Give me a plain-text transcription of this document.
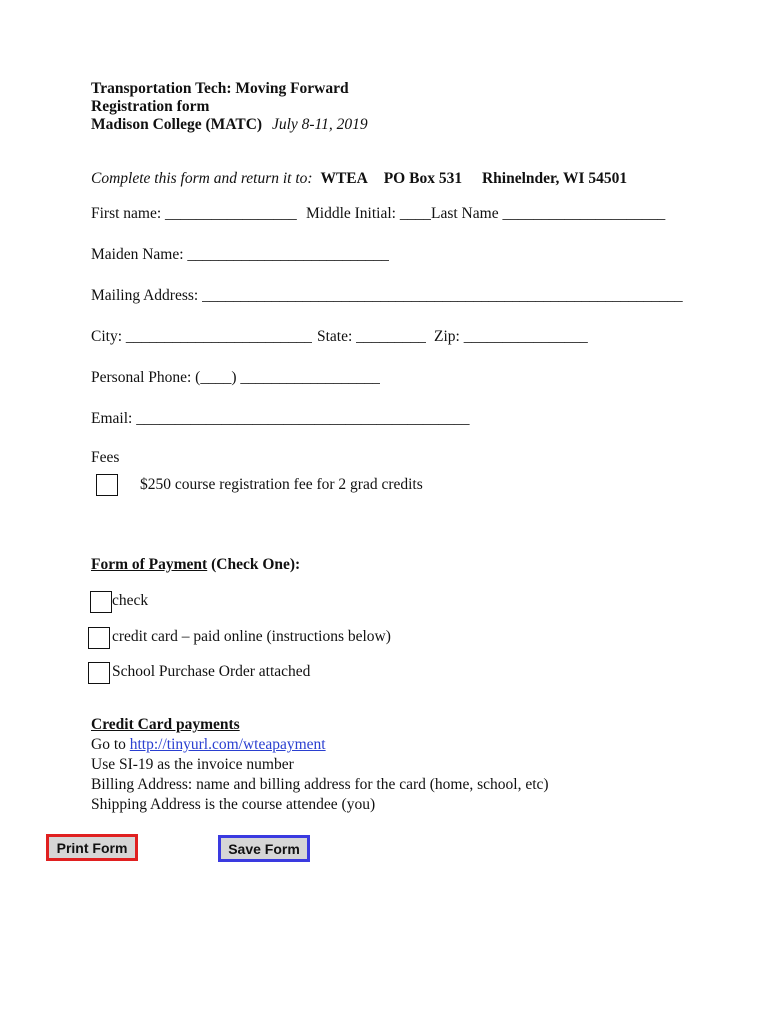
Transportation Tech: Moving Forward
Registration form
Madison College (MATC) July 8-11, 2019
Complete this form and return it to: WTEA PO Box 531 Rhinelnder, WI 54501
First name: _________________ Middle Initial: ____ Last Name _____________________
Maiden Name: __________________________
Mailing Address: ______________________________________________________________
City: ________________________ State: _________ Zip: ________________
Personal Phone: (____) __________________
Email: ___________________________________________
Fees
$250 course registration fee for 2 grad credits
Form of Payment (Check One):
check
credit card – paid online (instructions below)
School Purchase Order attached
Credit Card payments
Go to http://tinyurl.com/wteapayment
Use SI-19 as the invoice number
Billing Address: name and billing address for the card (home, school, etc)
Shipping Address is the course attendee (you)
Print Form	Save Form
